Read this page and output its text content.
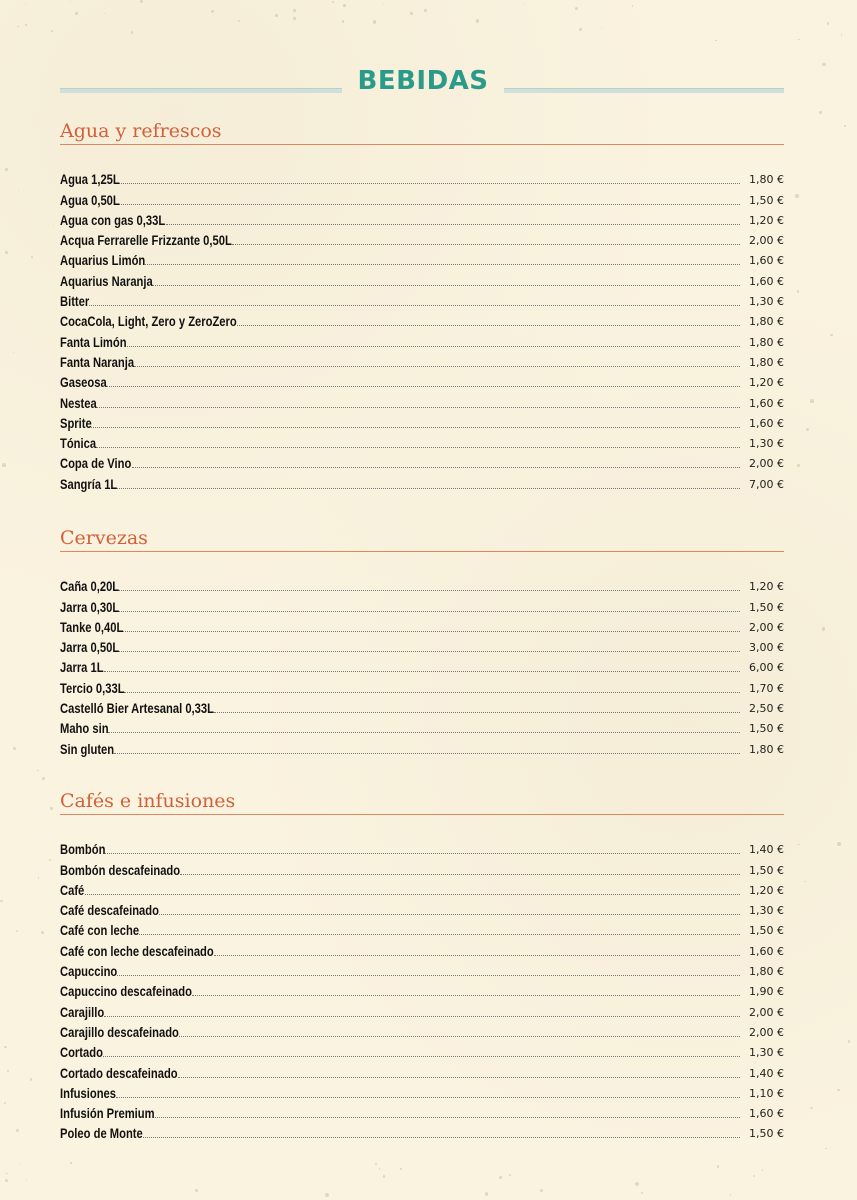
BEBIDAS
Agua y refrescos
Agua 1,25L	1,80 €
Agua 0,50L	1,50 €
Agua con gas 0,33L	1,20 €
Acqua Ferrarelle Frizzante 0,50L	2,00 €
Aquarius Limón	1,60 €
Aquarius Naranja	1,60 €
Bitter	1,30 €
CocaCola, Light, Zero y ZeroZero	1,80 €
Fanta Limón	1,80 €
Fanta Naranja	1,80 €
Gaseosa	1,20 €
Nestea	1,60 €
Sprite	1,60 €
Tónica	1,30 €
Copa de Vino	2,00 €
Sangría 1L	7,00 €
Cervezas
Caña 0,20L	1,20 €
Jarra 0,30L	1,50 €
Tanke 0,40L	2,00 €
Jarra 0,50L	3,00 €
Jarra 1L	6,00 €
Tercio 0,33L	1,70 €
Castelló Bier Artesanal 0,33L	2,50 €
Maho sin	1,50 €
Sin gluten	1,80 €
Cafés e infusiones
Bombón	1,40 €
Bombón descafeinado	1,50 €
Café	1,20 €
Café descafeinado	1,30 €
Café con leche	1,50 €
Café con leche descafeinado	1,60 €
Capuccino	1,80 €
Capuccino descafeinado	1,90 €
Carajillo	2,00 €
Carajillo descafeinado	2,00 €
Cortado	1,30 €
Cortado descafeinado	1,40 €
Infusiones	1,10 €
Infusión Premium	1,60 €
Poleo de Monte	1,50 €
